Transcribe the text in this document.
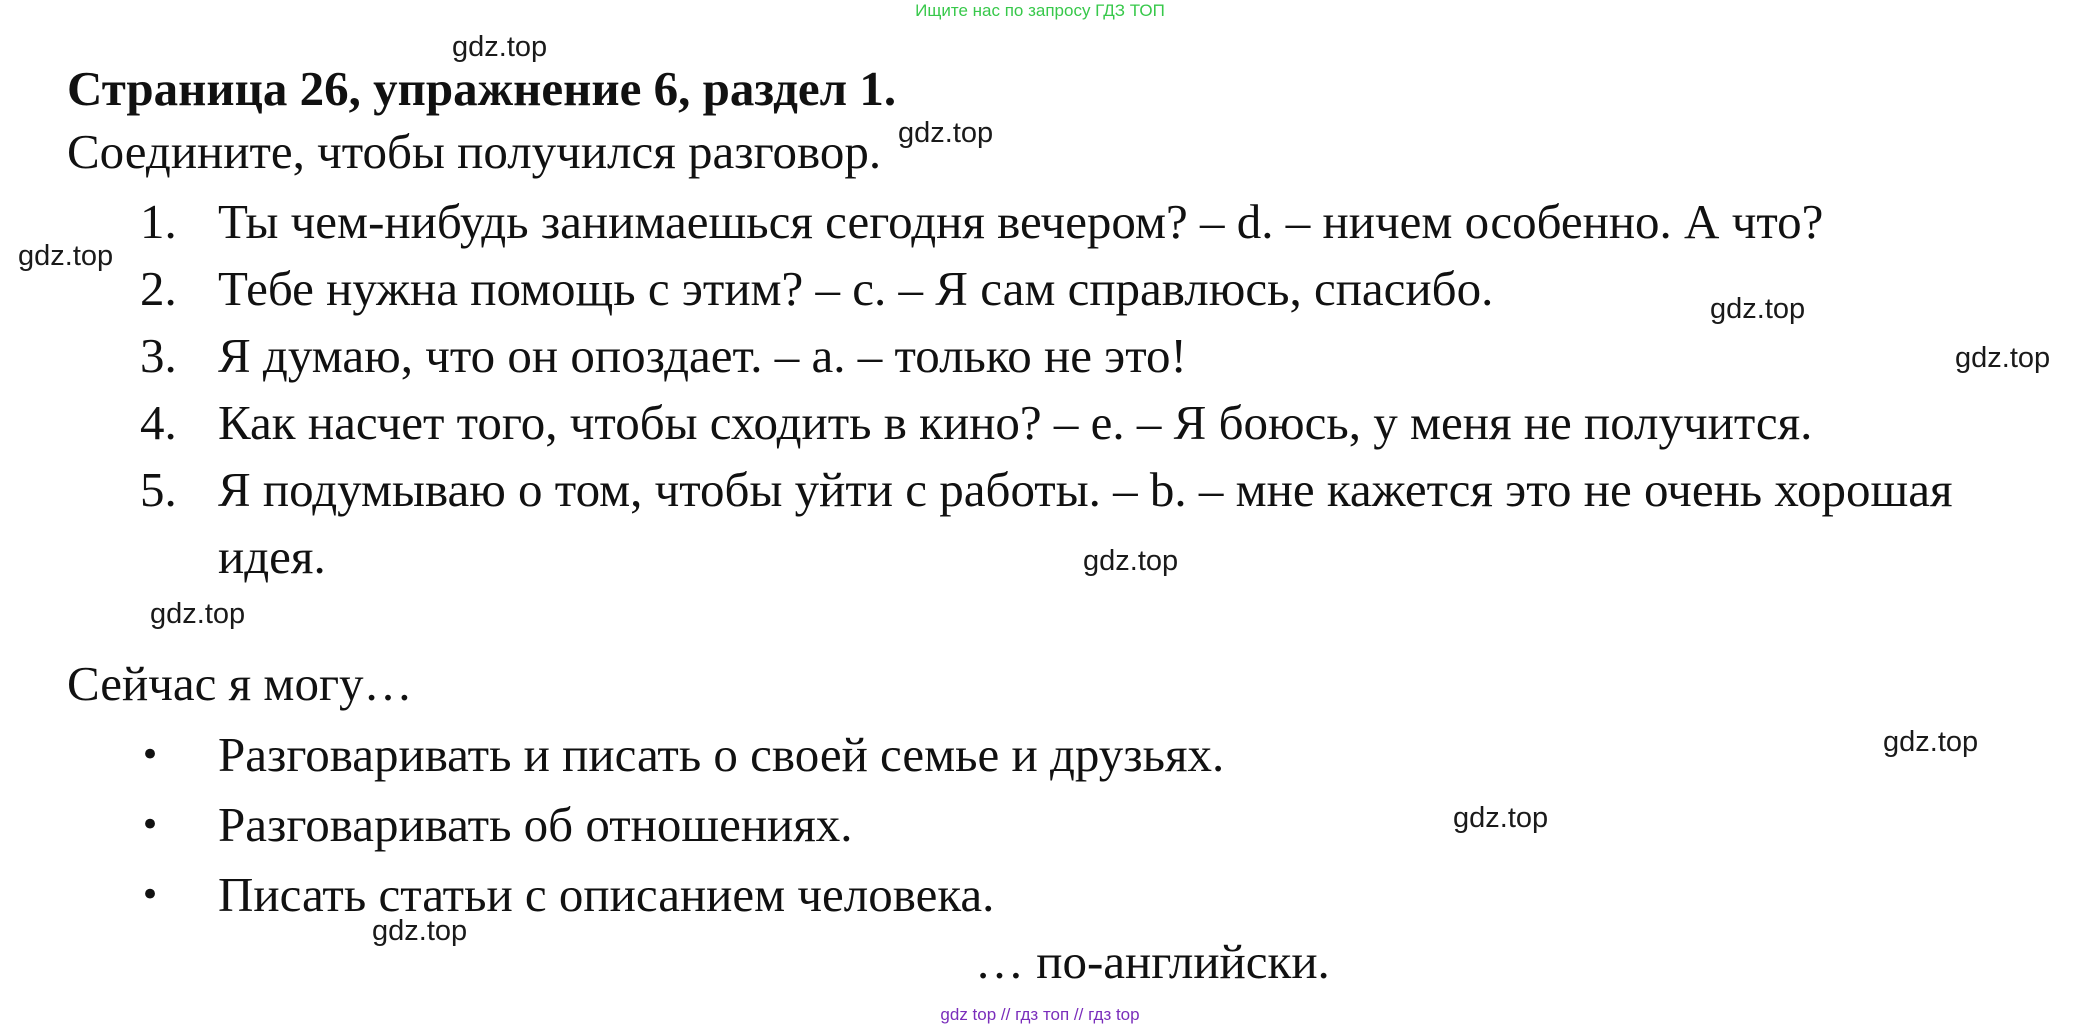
Ищите нас по запросу ГДЗ ТОП
Страница 26, упражнение 6, раздел 1.
Соедините, чтобы получился разговор.
1. Ты чем-нибудь занимаешься сегодня вечером? – d. – ничем особенно. А что?
2. Тебе нужна помощь с этим? – с. – Я сам справлюсь, спасибо.
3. Я думаю, что он опоздает. – а. – только не это!
4. Как насчет того, чтобы сходить в кино? – е. – Я боюсь, у меня не получится.
5. Я подумываю о том, чтобы уйти с работы. – b. – мне кажется это не очень хорошая идея.
Сейчас я могу…
•	Разговаривать и писать о своей семье и друзьях.
•	Разговаривать об отношениях.
•	Писать статьи с описанием человека.
… по-английски.
gdz.top
gdz.top
gdz.top
gdz.top
gdz.top
gdz.top
gdz.top
gdz.top
gdz.top
gdz.top
gdz top // гдз топ // гдз top
